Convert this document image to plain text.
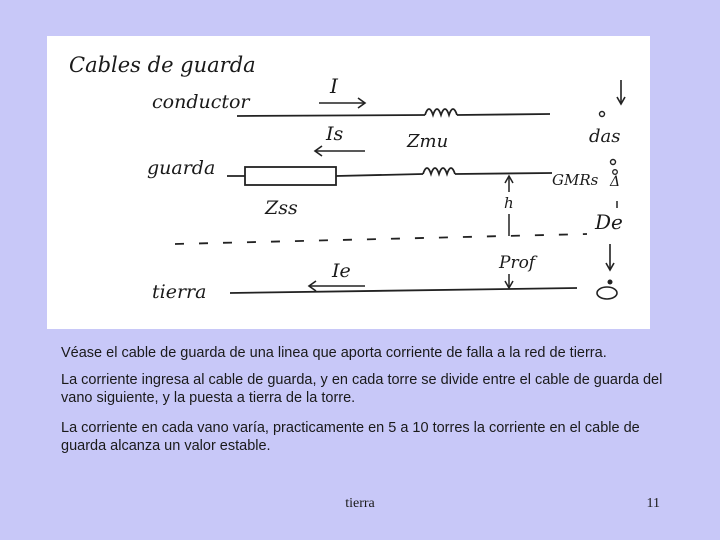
Cables de guarda
conductor
I
das
Is	Zmu
guarda
GMRs Δ
Zss	h
De
Prof
Ie
tierra

Véase el cable de guarda de una linea que aporta corriente de falla a la red de tierra.

La corriente ingresa al cable de guarda, y en cada torre se divide entre el cable de guarda del vano siguiente, y la puesta a tierra de la torre.

La corriente en cada vano varía, practicamente en 5 a 10 torres la corriente en el cable de guarda alcanza un valor estable.

tierra	11
